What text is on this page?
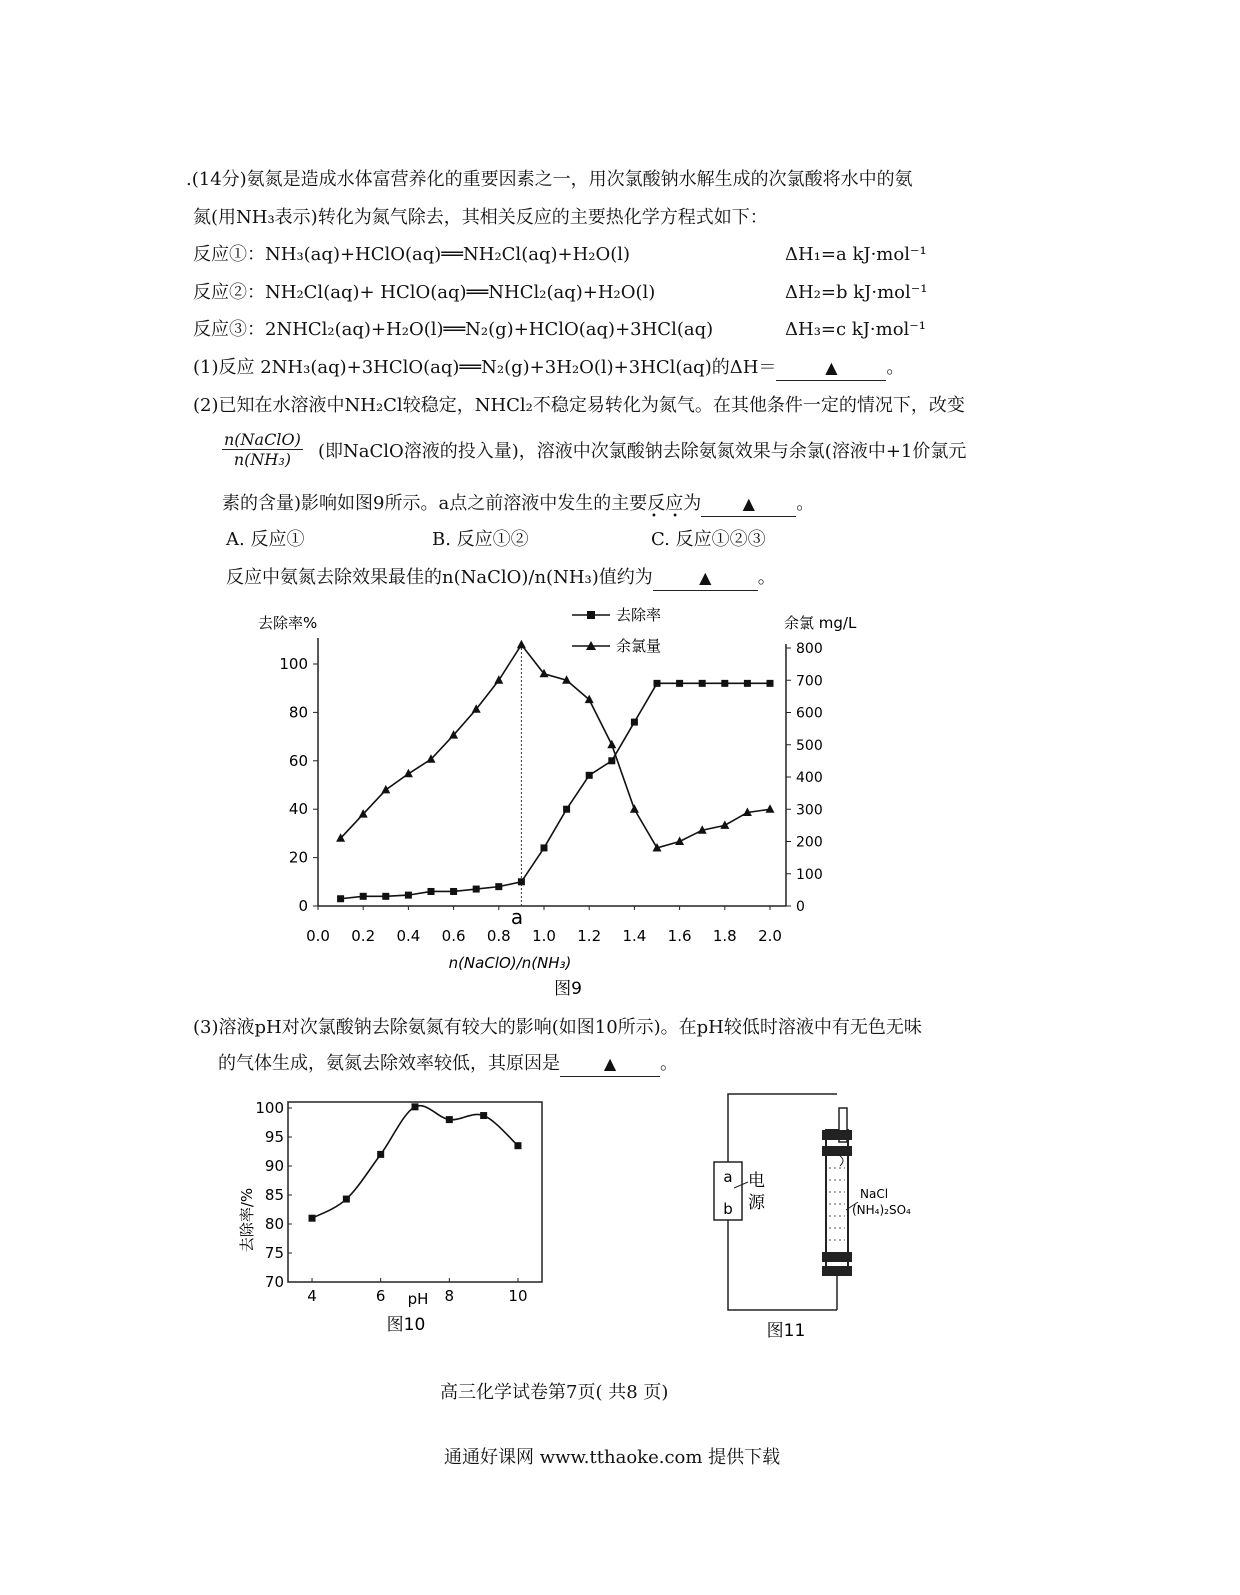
.(14分)氨氮是造成水体富营养化的重要因素之一，用次氯酸钠水解生成的次氯酸将水中的氨
氮(用NH₃表示)转化为氮气除去，其相关反应的主要热化学方程式如下：
反应①：NH₃(aq)+HClO(aq)══NH₂Cl(aq)+H₂O(l)	ΔH₁=a kJ·mol⁻¹
反应②：NH₂Cl(aq)+ HClO(aq)══NHCl₂(aq)+H₂O(l)	ΔH₂=b kJ·mol⁻¹
反应③：2NHCl₂(aq)+H₂O(l)══N₂(g)+HClO(aq)+3HCl(aq)	ΔH₃=c kJ·mol⁻¹
(1)反应 2NH₃(aq)+3HClO(aq)══N₂(g)+3H₂O(l)+3HCl(aq)的ΔH＝	▲	。
(2)已知在水溶液中NH₂Cl较稳定，NHCl₂不稳定易转化为氮气。在其他条件一定的情况下，改变
n(NaClO)
n(NH₃)	(即NaClO溶液的投入量)，溶液中次氯酸钠去除氨氮效果与余氯(溶液中+1价氯元
素的含量)影响如图9所示。a点之前溶液中发生的主要反应为	▲ 。
• •
A. 反应①	B. 反应①②	C. 反应①②③
反应中氨氮去除效果最佳的n(NaClO)/n(NH₃)值约为	▲	。
0
20
40
60
80
100
0
100
200
300
400
500
600
700
800
0.0 0.2 0.4 0.6 0.8 1.0 1.2 1.4 1.6 1.8 2.0
去除率%	余氯 mg/L
n(NaClO)/n(NH₃)
图9
a
去除率
余氯量
(3)溶液pH对次氯酸钠去除氨氮有较大的影响(如图10所示)。在pH较低时溶液中有无色无味
的气体生成，氨氮去除效率较低，其原因是	▲ 。
70
75
80
85
90
95
100
4	6	8	10
去除率/%
pH
图10
a
b
电
源	NaCl
(NH₄)₂SO₄
图11
高三化学试卷第7页( 共8 页)
通通好课网 www.tthaoke.com 提供下载
